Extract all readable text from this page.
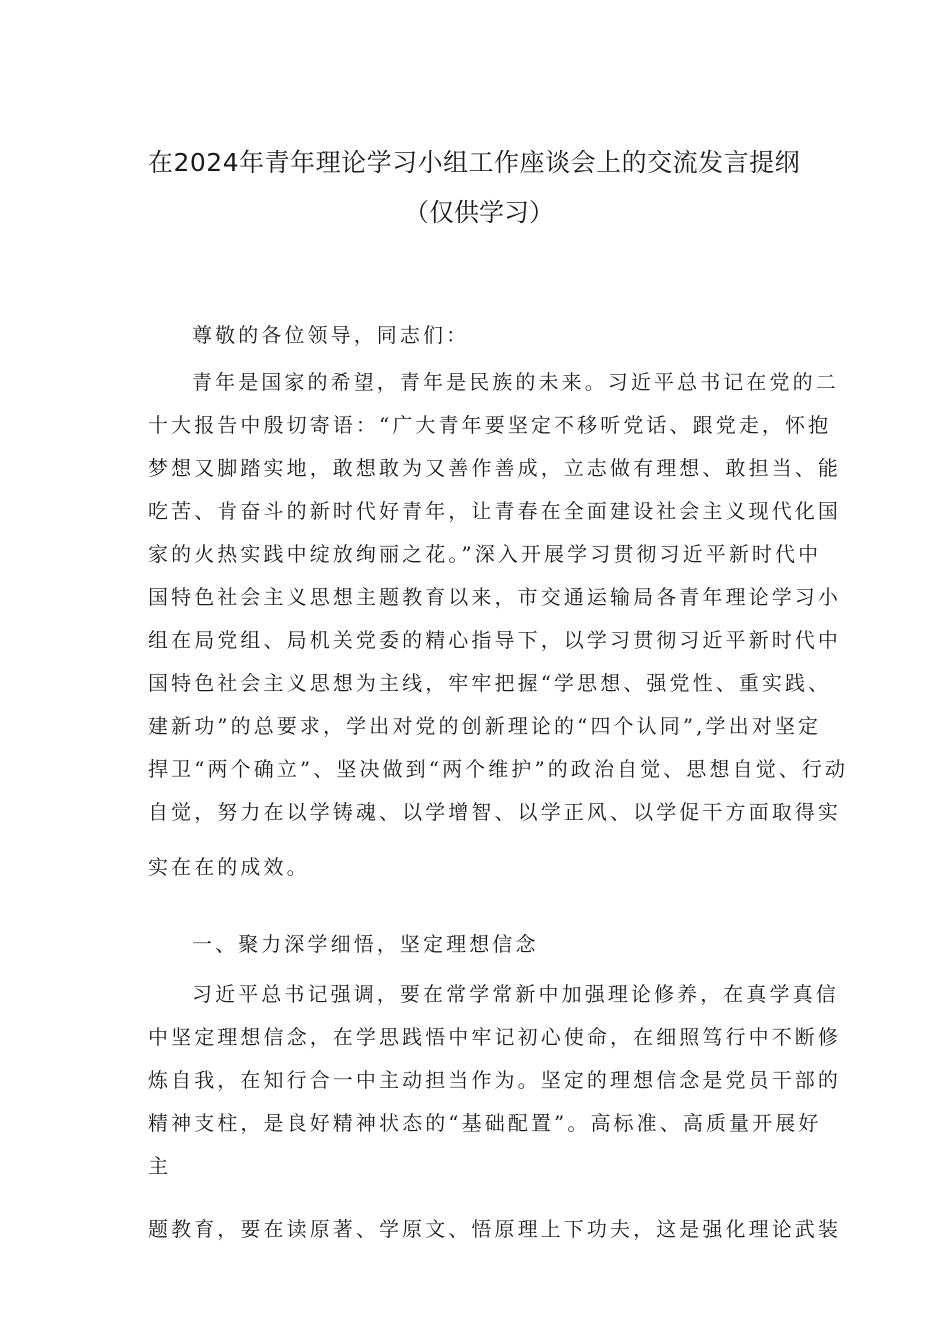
在2024年青年理论学习小组工作座谈会上的交流发言提纲
（仅供学习）

尊敬的各位领导，同志们：

青年是国家的希望，青年是民族的未来。习近平总书记在党的二

十大报告中殷切寄语：“广大青年要坚定不移听党话、跟党走，怀抱

梦想又脚踏实地，敢想敢为又善作善成，立志做有理想、敢担当、能

吃苦、肯奋斗的新时代好青年，让青春在全面建设社会主义现代化国

家的火热实践中绽放绚丽之花。”深入开展学习贯彻习近平新时代中

国特色社会主义思想主题教育以来，市交通运输局各青年理论学习小

组在局党组、局机关党委的精心指导下，以学习贯彻习近平新时代中

国特色社会主义思想为主线，牢牢把握“学思想、强党性、重实践、

建新功”的总要求，学出对党的创新理论的“四个认同”,学出对坚定

捍卫“两个确立”、坚决做到“两个维护”的政治自觉、思想自觉、行动

自觉，努力在以学铸魂、以学增智、以学正风、以学促干方面取得实

实在在的成效。

一、聚力深学细悟，坚定理想信念

习近平总书记强调，要在常学常新中加强理论修养，在真学真信

中坚定理想信念，在学思践悟中牢记初心使命，在细照笃行中不断修

炼自我，在知行合一中主动担当作为。坚定的理想信念是党员干部的

精神支柱，是良好精神状态的“基础配置”。高标准、高质量开展好

主

题教育，要在读原著、学原文、悟原理上下功夫，这是强化理论武装
